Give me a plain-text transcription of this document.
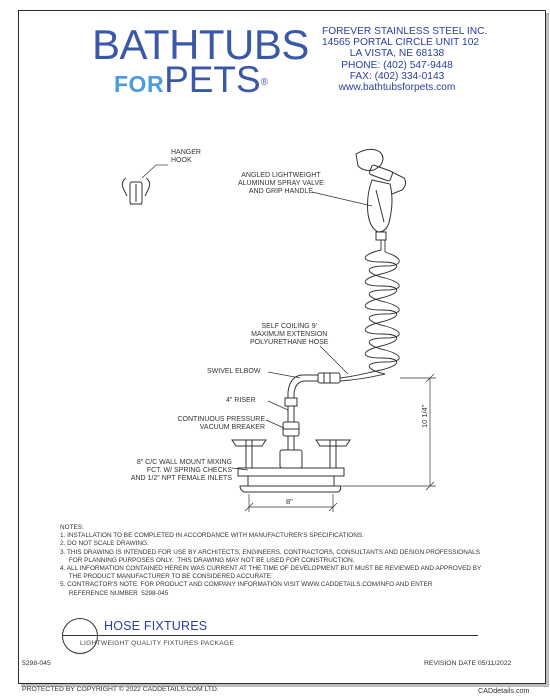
BATHTUBS
FORPETS®
FOREVER STAINLESS STEEL INC.
14565 PORTAL CIRCLE UNIT 102
LA VISTA, NE 68138
PHONE: (402) 547-9448
FAX: (402) 334-0143
www.bathtubsforpets.com
HANGER
HOOK
ANGLED LIGHTWEIGHT
ALUMINUM SPRAY VALVE
AND GRIP HANDLE
SELF COILING 9'
MAXIMUM EXTENSION
POLYURETHANE HOSE
SWIVEL ELBOW
4" RISER
CONTINUOUS PRESSURE
VACUUM BREAKER
8" C/C WALL MOUNT MIXING
FCT. W/ SPRING CHECKS
AND 1/2" NPT FEMALE INLETS
10 1/4"
8"
NOTES:
1. INSTALLATION TO BE COMPLETED IN ACCORDANCE WITH MANUFACTURER'S SPECIFICATIONS.
2. DO NOT SCALE DRAWING.
3. THIS DRAWING IS INTENDED FOR USE BY ARCHITECTS, ENGINEERS, CONTRACTORS, CONSULTANTS AND DESIGN PROFESSIONALS
FOR PLANNING PURPOSES ONLY.  THIS DRAWING MAY NOT BE USED FOR CONSTRUCTION.
4. ALL INFORMATION CONTAINED HEREIN WAS CURRENT AT THE TIME OF DEVELOPMENT BUT MUST BE REVIEWED AND APPROVED BY
THE PRODUCT MANUFACTURER TO BE CONSIDERED ACCURATE.
5. CONTRACTOR'S NOTE: FOR PRODUCT AND COMPANY INFORMATION VISIT WWW.CADDETAILS.COM/INFO AND ENTER
REFERENCE NUMBER  5298-045
HOSE FIXTURES
LIGHTWEIGHT QUALITY FIXTURES PACKAGE
5298-045	REVISION DATE 05/11/2022
PROTECTED BY COPYRIGHT © 2022 CADDETAILS.COM LTD.	CADdetails.com
